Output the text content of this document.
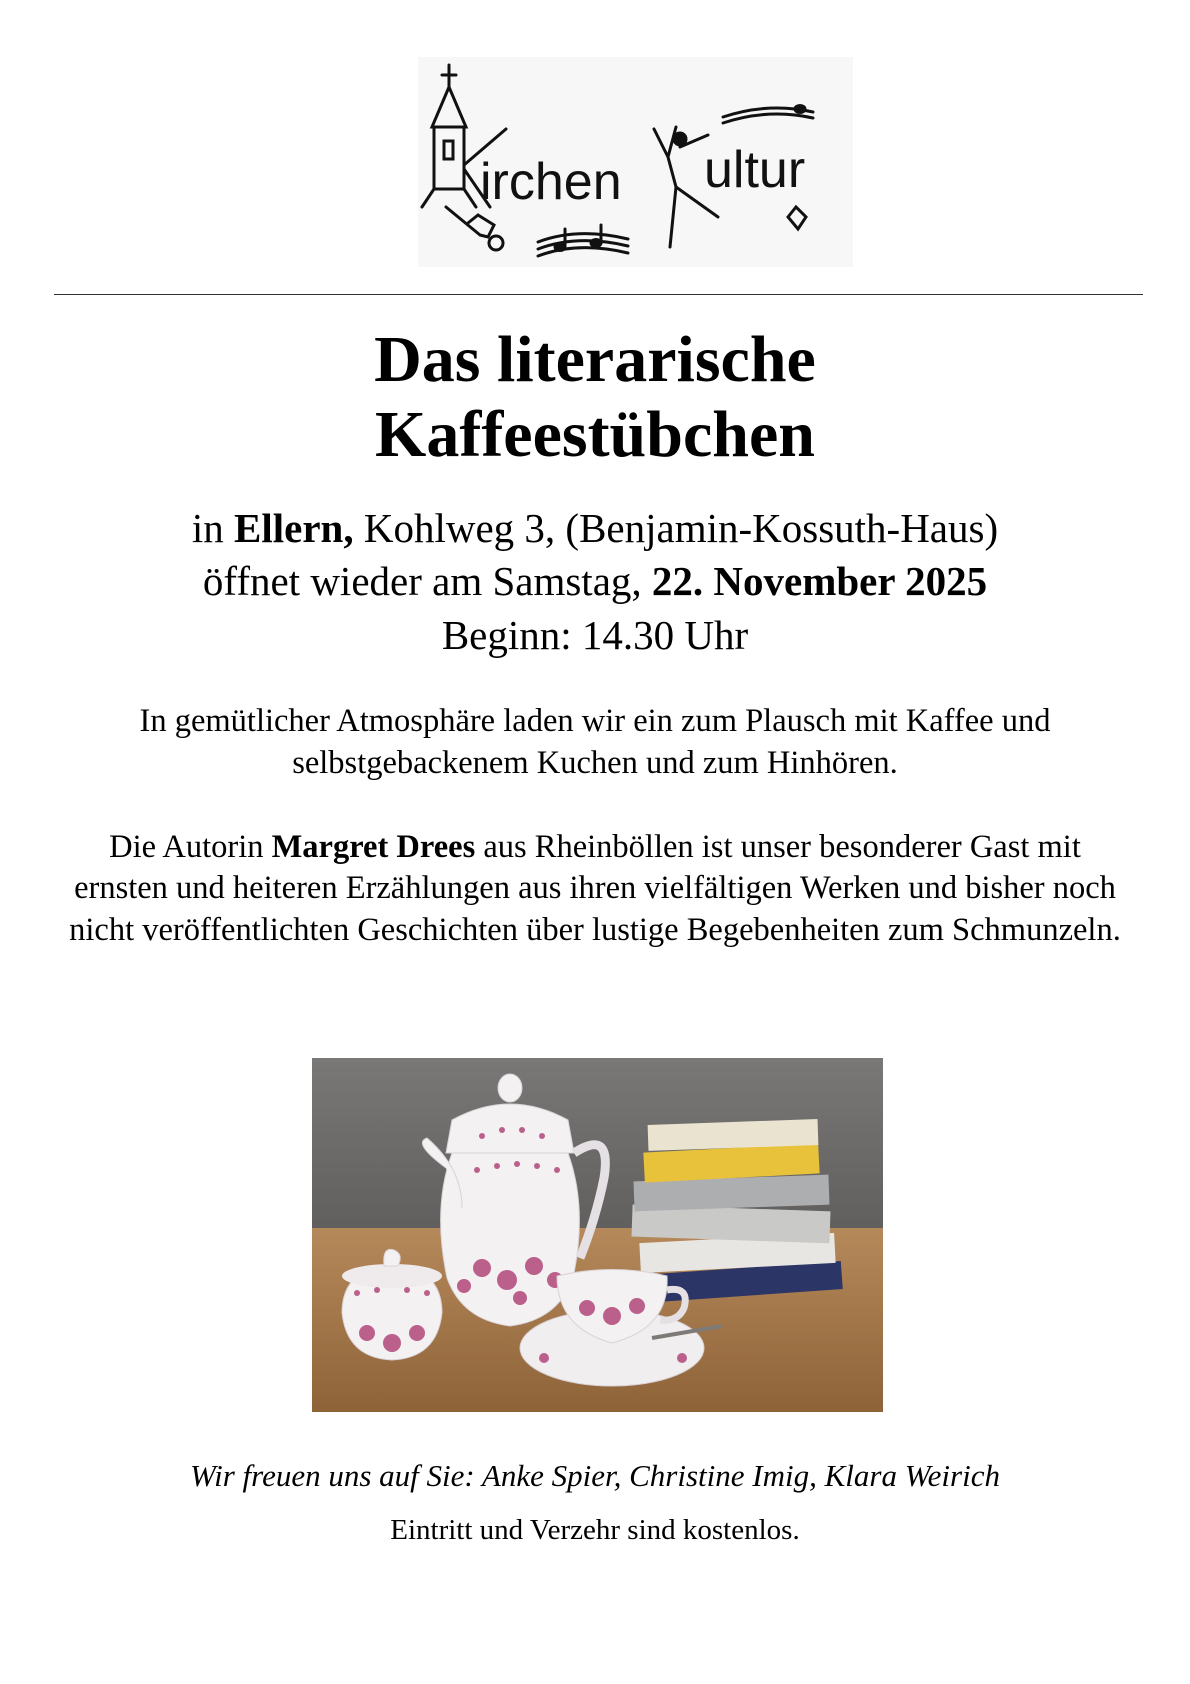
irchen ultur
Das literarische
Kaffeestübchen
in Ellern, Kohlweg 3, (Benjamin-Kossuth-Haus)
öffnet wieder am Samstag, 22. November 2025
Beginn: 14.30 Uhr
In gemütlicher Atmosphäre laden wir ein zum Plausch mit Kaffee und selbstgebackenem Kuchen und zum Hinhören.
Die Autorin Margret Drees aus Rheinböllen ist unser besonderer Gast mit ernsten und heiteren Erzählungen aus ihren vielfältigen Werken und bisher noch nicht veröffentlichten Geschichten über lustige Begebenheiten zum Schmunzeln.
Wir freuen uns auf Sie: Anke Spier, Christine Imig, Klara Weirich
Eintritt und Verzehr sind kostenlos.
